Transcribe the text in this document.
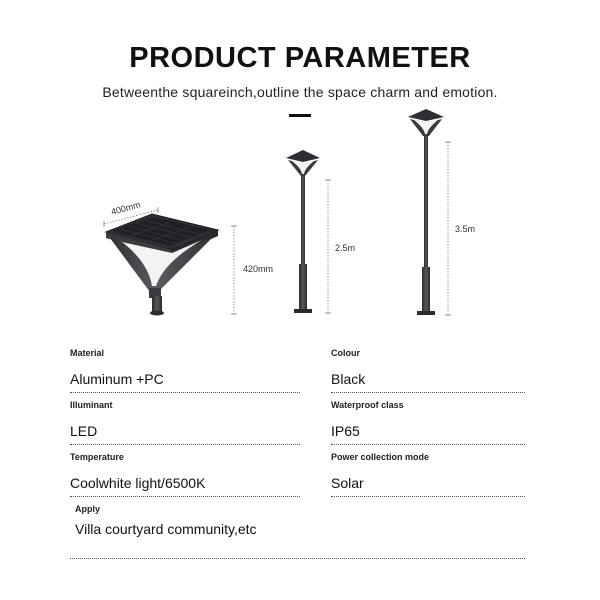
PRODUCT PARAMETER
Betweenthe squareinch,outline the space charm and emotion.
400mm
420mm
2.5m
3.5m
Material
Aluminum +PC
Colour
Black
Illuminant
LED
Waterproof class
IP65
Temperature
Coolwhite light/6500K
Power collection mode
Solar
Apply
Villa courtyard community,etc
